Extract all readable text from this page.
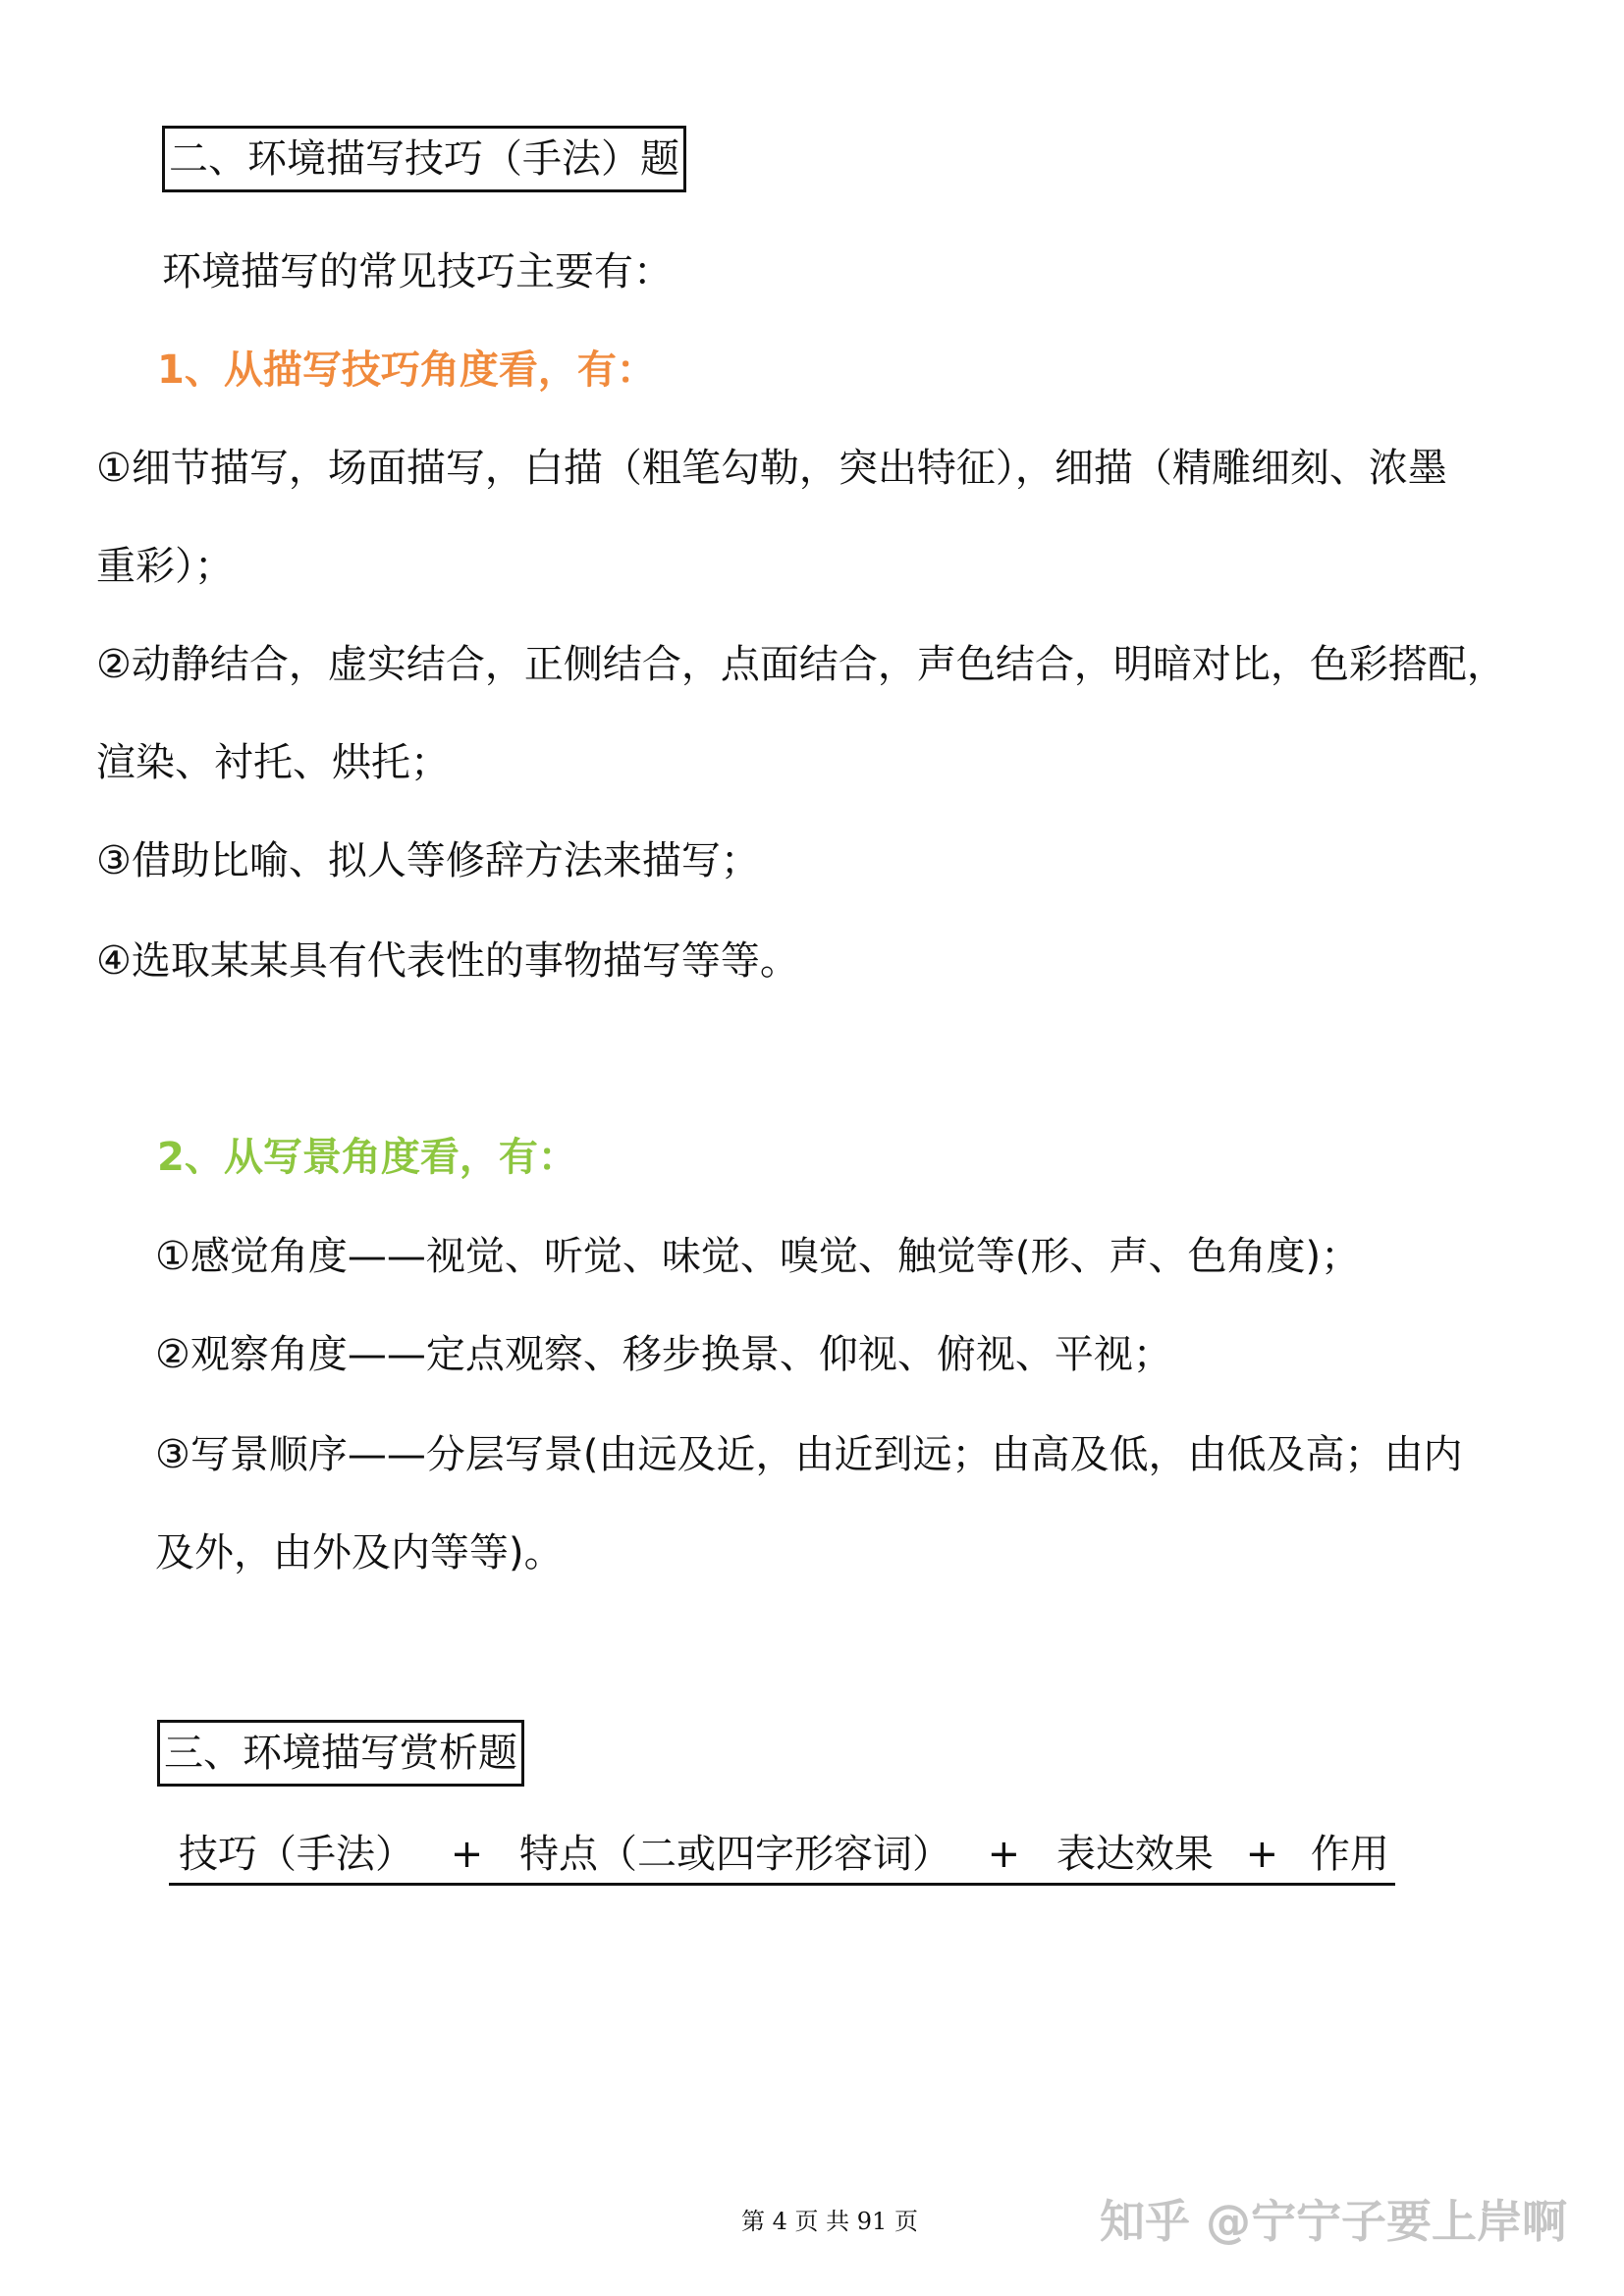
二、环境描写技巧（手法）题
环境描写的常见技巧主要有：
1、从描写技巧角度看，有：
①细节描写，场面描写，白描（粗笔勾勒，突出特征），细描（精雕细刻、浓墨
重彩）；
②动静结合，虚实结合，正侧结合，点面结合，声色结合，明暗对比，色彩搭配，
渲染、衬托、烘托；
③借助比喻、拟人等修辞方法来描写；
④选取某某具有代表性的事物描写等等。
2、从写景角度看，有：
①感觉角度——视觉、听觉、味觉、嗅觉、触觉等(形、声、色角度)；
②观察角度——定点观察、移步换景、仰视、俯视、平视；
③写景顺序——分层写景(由远及近，由近到远；由高及低，由低及高；由内
及外，由外及内等等)。
三、环境描写赏析题
技巧（手法） + 特点（二或四字形容词） + 表达效果 + 作用
第 4 页 共 91 页	知乎 @宁宁子要上岸啊
